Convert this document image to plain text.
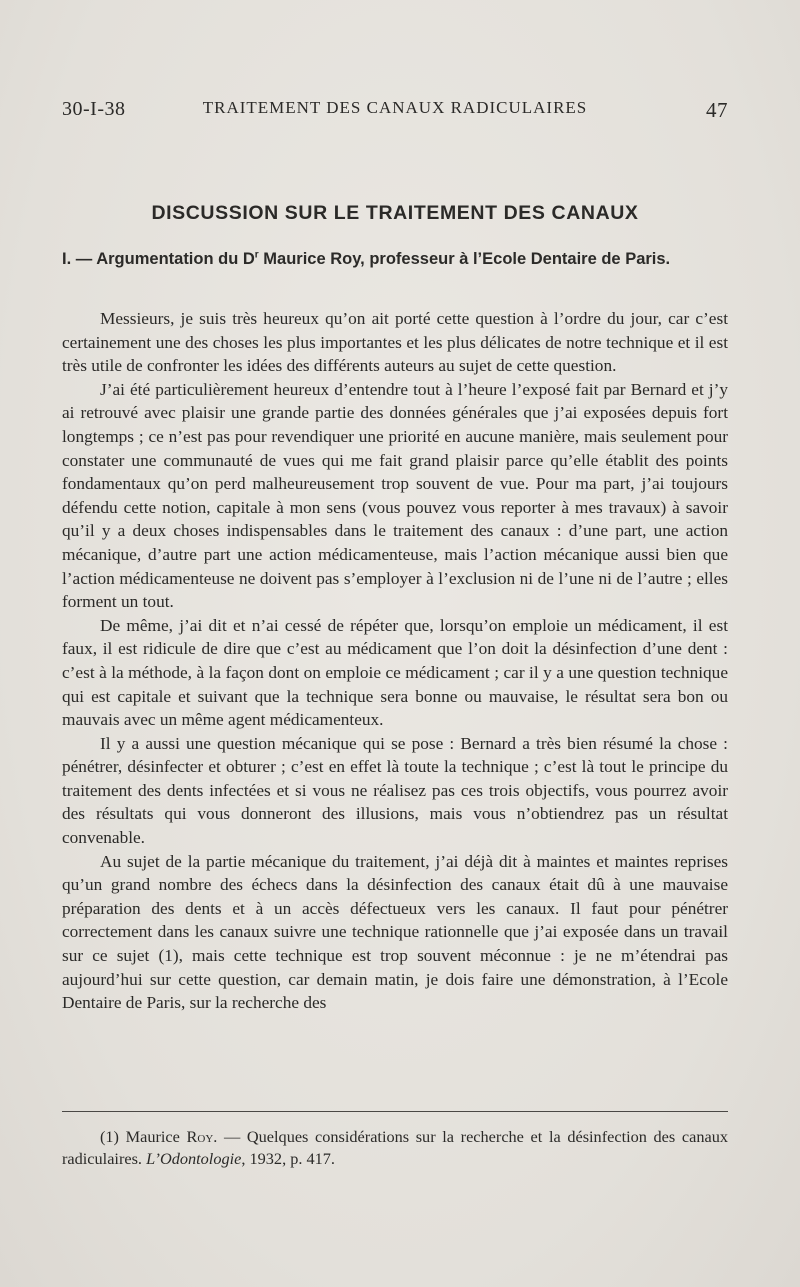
30-I-38	TRAITEMENT DES CANAUX RADICULAIRES	47
DISCUSSION SUR LE TRAITEMENT DES CANAUX
I. — Argumentation du $D^r$ Maurice Roy, professeur à l’Ecole Dentaire de Paris.

Messieurs, je suis très heureux qu’on ait porté cette question à l’ordre du jour, car c’est certainement une des choses les plus importantes et les plus délicates de notre technique et il est très utile de confronter les idées des différents auteurs au sujet de cette question.

J’ai été particulièrement heureux d’entendre tout à l’heure l’exposé fait par Bernard et j’y ai retrouvé avec plaisir une grande partie des données générales que j’ai exposées depuis fort longtemps ; ce n’est pas pour revendiquer une priorité en aucune manière, mais seulement pour constater une communauté de vues qui me fait grand plaisir parce qu’elle établit des points fondamentaux qu’on perd malheureusement trop souvent de vue. Pour ma part, j’ai toujours défendu cette notion, capitale à mon sens (vous pouvez vous reporter à mes travaux) à savoir qu’il y a deux choses indispensables dans le traitement des canaux : d’une part, une action mécanique, d’autre part une action médicamenteuse, mais l’action mécanique aussi bien que l’action médicamenteuse ne doivent pas s’employer à l’exclusion ni de l’une ni de l’autre ; elles forment un tout.

De même, j’ai dit et n’ai cessé de répéter que, lorsqu’on emploie un médicament, il est faux, il est ridicule de dire que c’est au médicament que l’on doit la désinfection d’une dent : c’est à la méthode, à la façon dont on emploie ce médicament ; car il y a une question technique qui est capitale et suivant que la technique sera bonne ou mauvaise, le résultat sera bon ou mauvais avec un même agent médicamenteux.

Il y a aussi une question mécanique qui se pose : Bernard a très bien résumé la chose : pénétrer, désinfecter et obturer ; c’est en effet là toute la technique ; c’est là tout le principe du traitement des dents infectées et si vous ne réalisez pas ces trois objectifs, vous pourrez avoir des résultats qui vous donneront des illusions, mais vous n’obtiendrez pas un résultat convenable.

Au sujet de la partie mécanique du traitement, j’ai déjà dit à maintes et maintes reprises qu’un grand nombre des échecs dans la désinfection des canaux était dû à une mauvaise préparation des dents et à un accès défectueux vers les canaux. Il faut pour pénétrer correctement dans les canaux suivre une technique rationnelle que j’ai exposée dans un travail sur ce sujet (1), mais cette technique est trop souvent méconnue : je ne m’étendrai pas aujourd’hui sur cette question, car demain matin, je dois faire une démonstration, à l’Ecole Dentaire de Paris, sur la recherche des

(1) Maurice Roy. — Quelques considérations sur la recherche et la désinfection des canaux radiculaires. L’Odontologie, 1932, p. 417.
